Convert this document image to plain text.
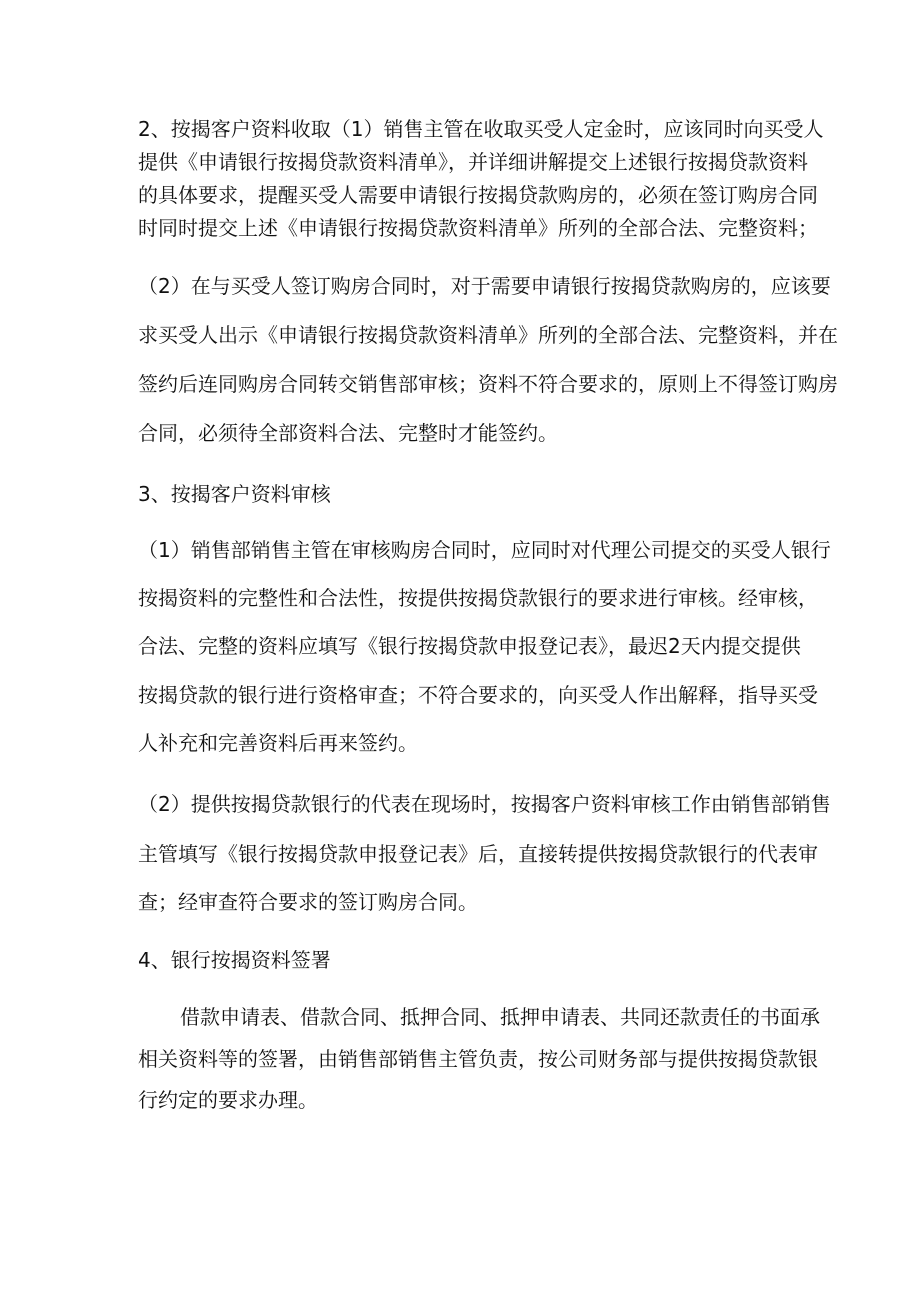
2、按揭客户资料收取（1）销售主管在收取买受人定金时，应该同时向买受人

提供《申请银行按揭贷款资料清单》，并详细讲解提交上述银行按揭贷款资料

的具体要求，提醒买受人需要申请银行按揭贷款购房的，必须在签订购房合同

时同时提交上述《申请银行按揭贷款资料清单》所列的全部合法、完整资料；

（2）在与买受人签订购房合同时，对于需要申请银行按揭贷款购房的，应该要

求买受人出示《申请银行按揭贷款资料清单》所列的全部合法、完整资料，并在

签约后连同购房合同转交销售部审核；资料不符合要求的，原则上不得签订购房

合同，必须待全部资料合法、完整时才能签约。

3、按揭客户资料审核

（1）销售部销售主管在审核购房合同时，应同时对代理公司提交的买受人银行

按揭资料的完整性和合法性，按提供按揭贷款银行的要求进行审核。经审核，

合法、完整的资料应填写《银行按揭贷款申报登记表》，最迟2天内提交提供

按揭贷款的银行进行资格审查；不符合要求的，向买受人作出解释，指导买受

人补充和完善资料后再来签约。

（2）提供按揭贷款银行的代表在现场时，按揭客户资料审核工作由销售部销售

主管填写《银行按揭贷款申报登记表》后，直接转提供按揭贷款银行的代表审

查；经审查符合要求的签订购房合同。

4、银行按揭资料签署

借款申请表、借款合同、抵押合同、抵押申请表、共同还款责任的书面承

相关资料等的签署，由销售部销售主管负责，按公司财务部与提供按揭贷款银

行约定的要求办理。
